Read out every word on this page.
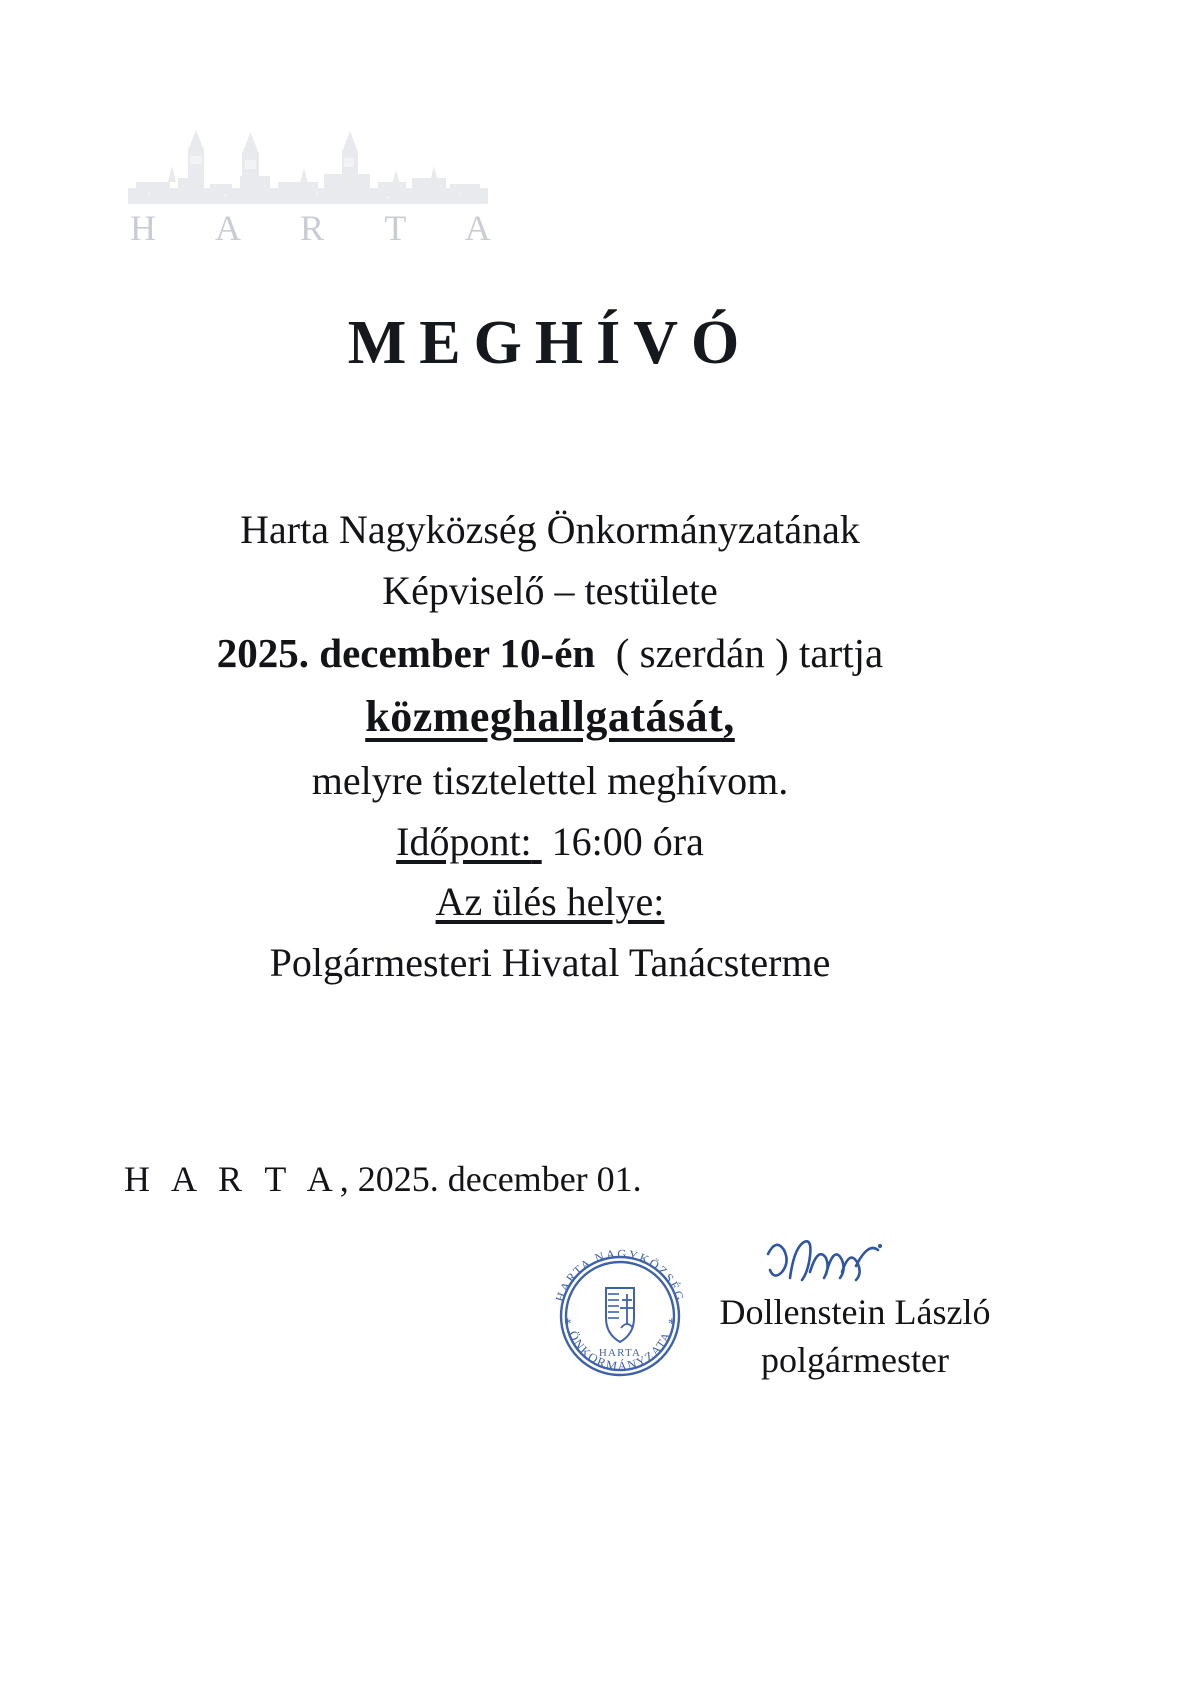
H A R T A
MEGHÍVÓ
Harta Nagyközség Önkormányzatának
Képviselő – testülete
2025. december 10-én ( szerdán ) tartja
közmeghallgatását,
melyre tisztelettel meghívom.
Időpont: 16:00 óra
Az ülés helye:
Polgármesteri Hivatal Tanácsterme
H A R T A, 2025. december 01.
HARTA NAGYKÖZSÉG
ÖNKORMÁNYZATA
*	*
HARTA
Dollenstein László
polgármester
